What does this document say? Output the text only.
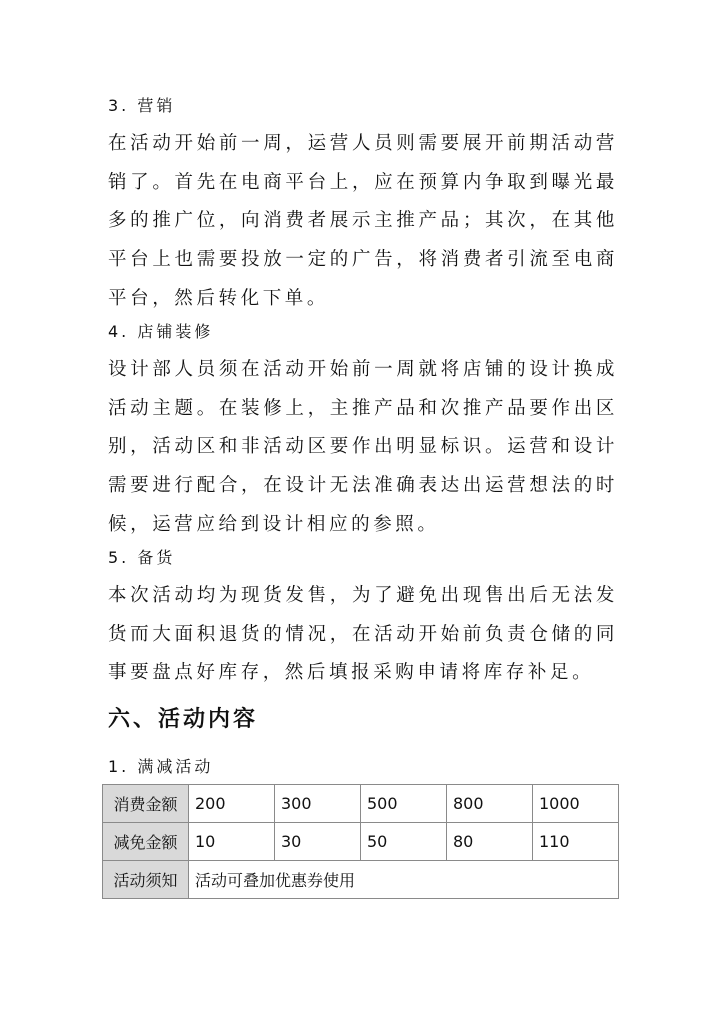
3. 营销
在活动开始前一周，运营人员则需要展开前期活动营销了。首先在电商平台上，应在预算内争取到曝光最多的推广位，向消费者展示主推产品；其次，在其他平台上也需要投放一定的广告，将消费者引流至电商平台，然后转化下单。
4. 店铺装修
设计部人员须在活动开始前一周就将店铺的设计换成活动主题。在装修上，主推产品和次推产品要作出区别，活动区和非活动区要作出明显标识。运营和设计需要进行配合，在设计无法准确表达出运营想法的时候，运营应给到设计相应的参照。
5. 备货
本次活动均为现货发售，为了避免出现售出后无法发货而大面积退货的情况，在活动开始前负责仓储的同事要盘点好库存，然后填报采购申请将库存补足。
六、活动内容
1. 满减活动
消费金额	200	300	500	800	1000
减免金额	10	30	50	80	110
活动须知	活动可叠加优惠券使用				
